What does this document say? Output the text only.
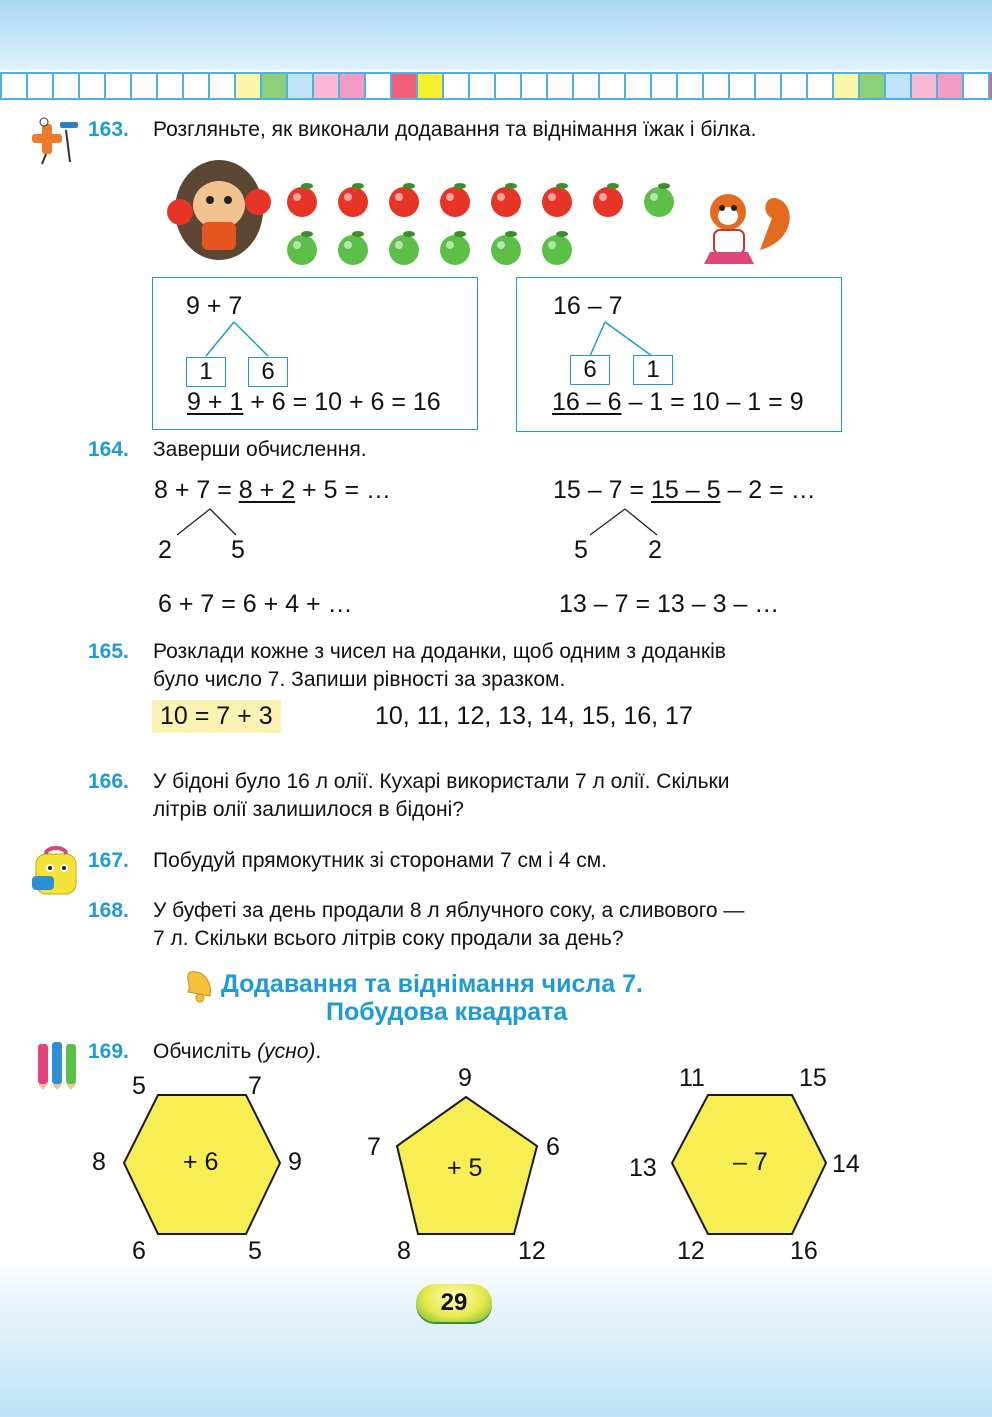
163. Розгляньте, як виконали додавання та віднімання їжак і білка.
9 + 7
1	6
9 + 1 + 6 = 10 + 6 = 16
16 – 7
6	1
16 – 6 – 1 = 10 – 1 = 9
164. Заверши обчислення.
8 + 7 = 8 + 2 + 5 = …
2 5
15 – 7 = 15 – 5 – 2 = …
5 2
6 + 7 = 6 + 4 + …	13 – 7 = 13 – 3 – …
165. Розклади кожне з чисел на доданки, щоб одним з доданків
було число 7. Запиши рівності за зразком.
10 = 7 + 3	10, 11, 12, 13, 14, 15, 16, 17
166. У бідоні було 16 л олії. Кухарі використали 7 л олії. Скільки
літрів олії залишилося в бідоні?
167. Побудуй прямокутник зі сторонами 7 см і 4 см.
168. У буфеті за день продали 8 л яблучного соку, а сливового —
7 л. Скільки всього літрів соку продали за день?
Додавання та віднімання числа 7.
Побудова квадрата
169. Обчисліть (усно).
+ 6
5	7
9
5
6
8	+ 5
9
6
12
8
7
– 7
11	15
14
16
12
13
29
